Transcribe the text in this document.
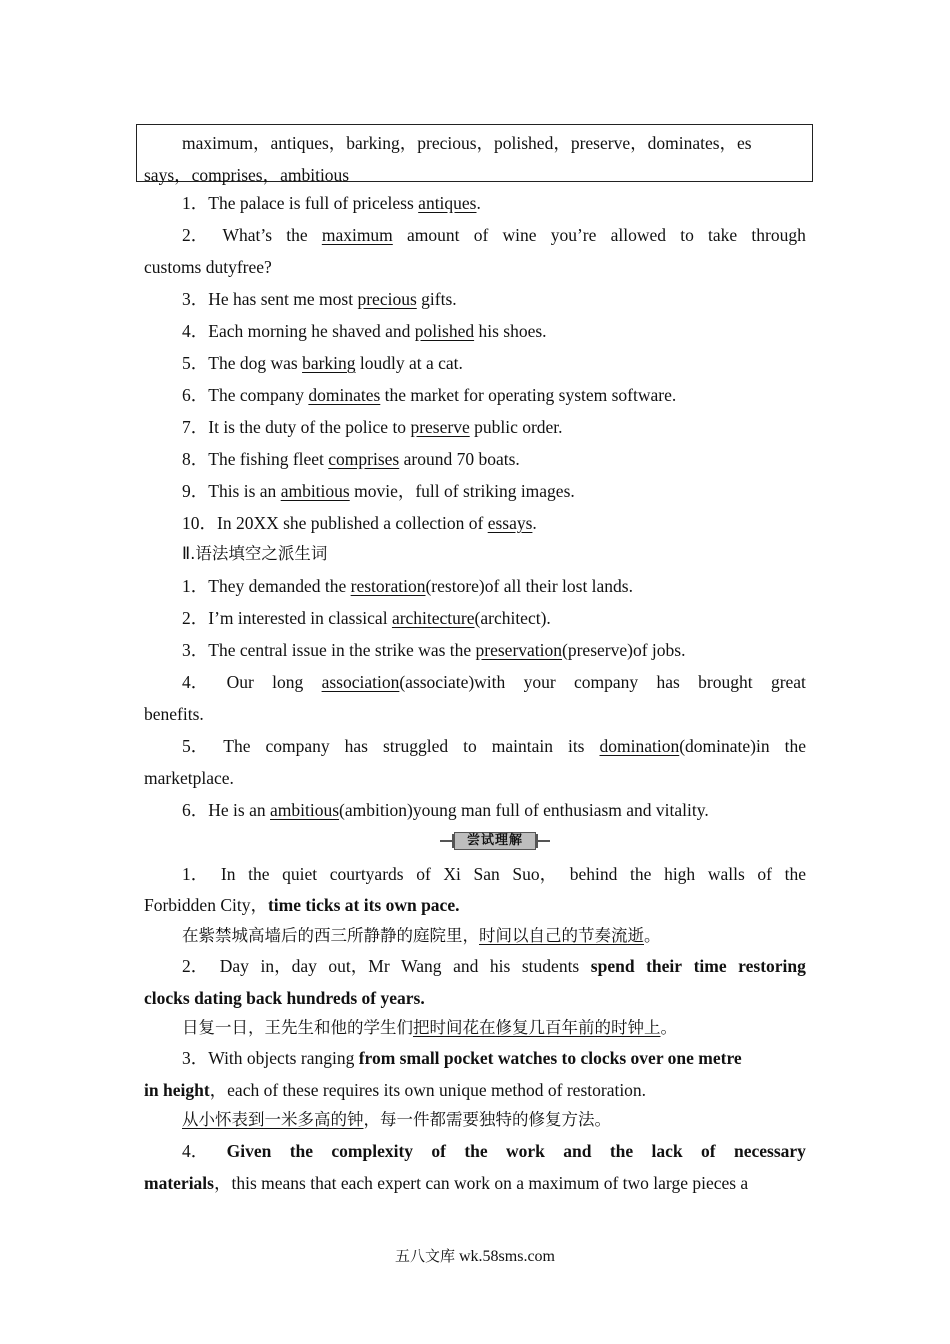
maximum，antiques，barking，precious，polished，preserve，dominates，es
says，comprises，ambitious
1．The palace is full of priceless antiques.
2． What’s the maximum amount of wine you’re allowed to take through
customs dutyfree?
3．He has sent me most precious gifts.
4．Each morning he shaved and polished his shoes.
5．The dog was barking loudly at a cat.
6．The company dominates the market for operating system software.
7．It is the duty of the police to preserve public order.
8．The fishing fleet comprises around 70 boats.
9．This is an ambitious movie，full of striking images.
10．In 20XX she published a collection of essays.
Ⅱ.语法填空之派生词
1．They demanded the restoration(restore)of all their lost lands.
2．I’m interested in classical architecture(architect).
3．The central issue in the strike was the preservation(preserve)of jobs.
4． Our long association(associate)with your company has brought great
benefits.
5． The company has struggled to maintain its domination(dominate)in the
marketplace.
6．He is an ambitious(ambition)young man full of enthusiasm and vitality.
尝试理解
1． In the quiet courtyards of Xi San Suo， behind the high walls of the
Forbidden City，time ticks at its own pace.
在紫禁城高墙后的西三所静静的庭院里，时间以自己的节奏流逝。
2． Day in，day out，Mr Wang and his students spend their time restoring
clocks dating back hundreds of years.
日复一日，王先生和他的学生们把时间花在修复几百年前的时钟上。
3．With objects ranging from small pocket watches to clocks over one metre
in height，each of these requires its own unique method of restoration.
从小怀表到一米多高的钟，每一件都需要独特的修复方法。
4． Given the complexity of the work and the lack of necessary
materials，this means that each expert can work on a maximum of two large pieces a
五八文库 wk.58sms.com
